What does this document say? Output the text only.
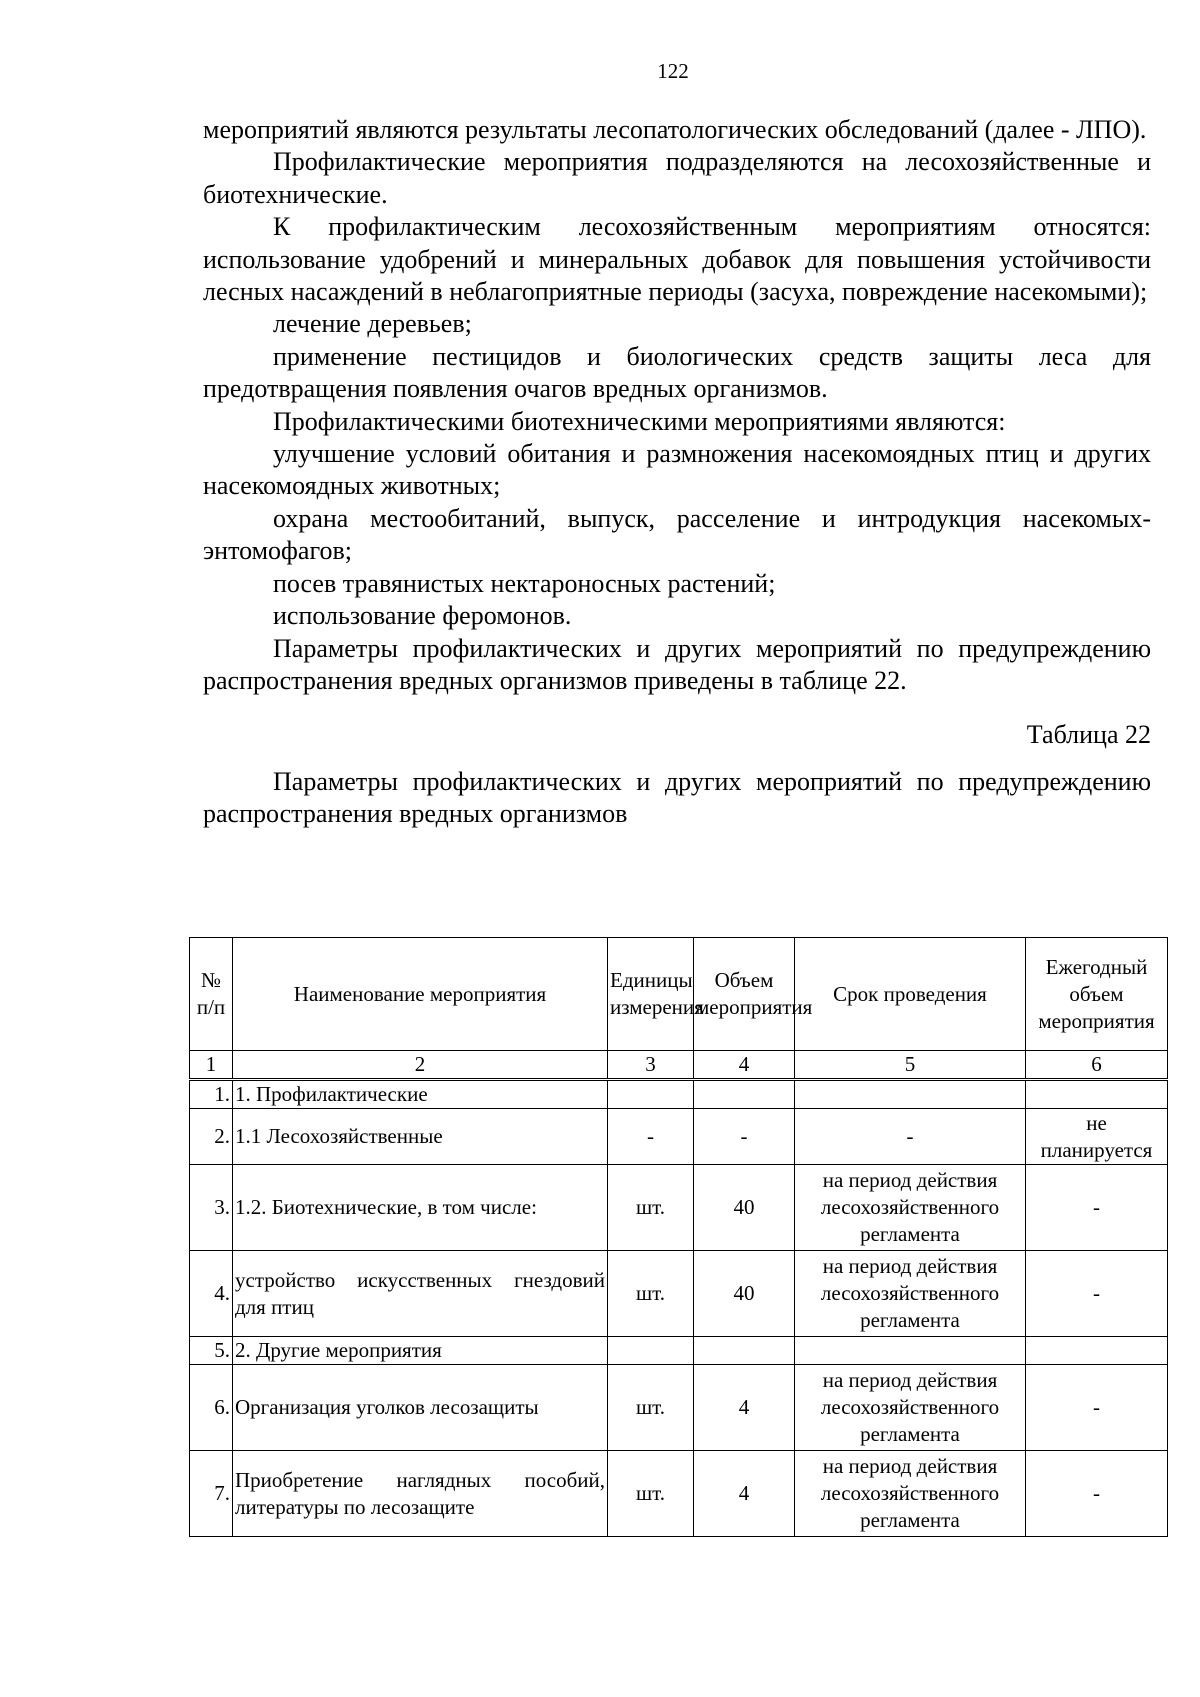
122

мероприятий являются результаты лесопатологических обследований (далее - ЛПО).

Профилактические мероприятия подразделяются на лесохозяйственные и биотехнические.

К профилактическим лесохозяйственным мероприятиям относятся: использование удобрений и минеральных добавок для повышения устойчивости лесных насаждений в неблагоприятные периоды (засуха, повреждение насекомыми);

лечение деревьев;

применение пестицидов и биологических средств защиты леса для предотвращения появления очагов вредных организмов.

Профилактическими биотехническими мероприятиями являются:

улучшение условий обитания и размножения насекомоядных птиц и других насекомоядных животных;

охрана местообитаний, выпуск, расселение и интродукция насекомых-энтомофагов;

посев травянистых нектароносных растений;

использование феромонов.

Параметры профилактических и других мероприятий по предупреждению распространения вредных организмов приведены в таблице 22.

Таблица 22

Параметры профилактических и других мероприятий по предупреждению распространения вредных организмов

№ п/п	Наименование мероприятия	Единицы измерения	Объем мероприятия	Срок проведения	Ежегодный объем мероприятия
1	2	3	4	5	6
1.	1. Профилактические				
2.	1.1 Лесохозяйственные	-	-	-	не планируется
3.	1.2. Биотехнические, в том числе:	шт.	40	на период действия лесохозяйственного регламента	-
4.	устройство искусственных гнездовий для птиц	шт.	40	на период действия лесохозяйственного регламента	-
5.	2. Другие мероприятия				
6.	Организация уголков лесозащиты	шт.	4	на период действия лесохозяйственного регламента	-
7.	Приобретение наглядных пособий, литературы по лесозащите	шт.	4	на период действия лесохозяйственного регламента	-
